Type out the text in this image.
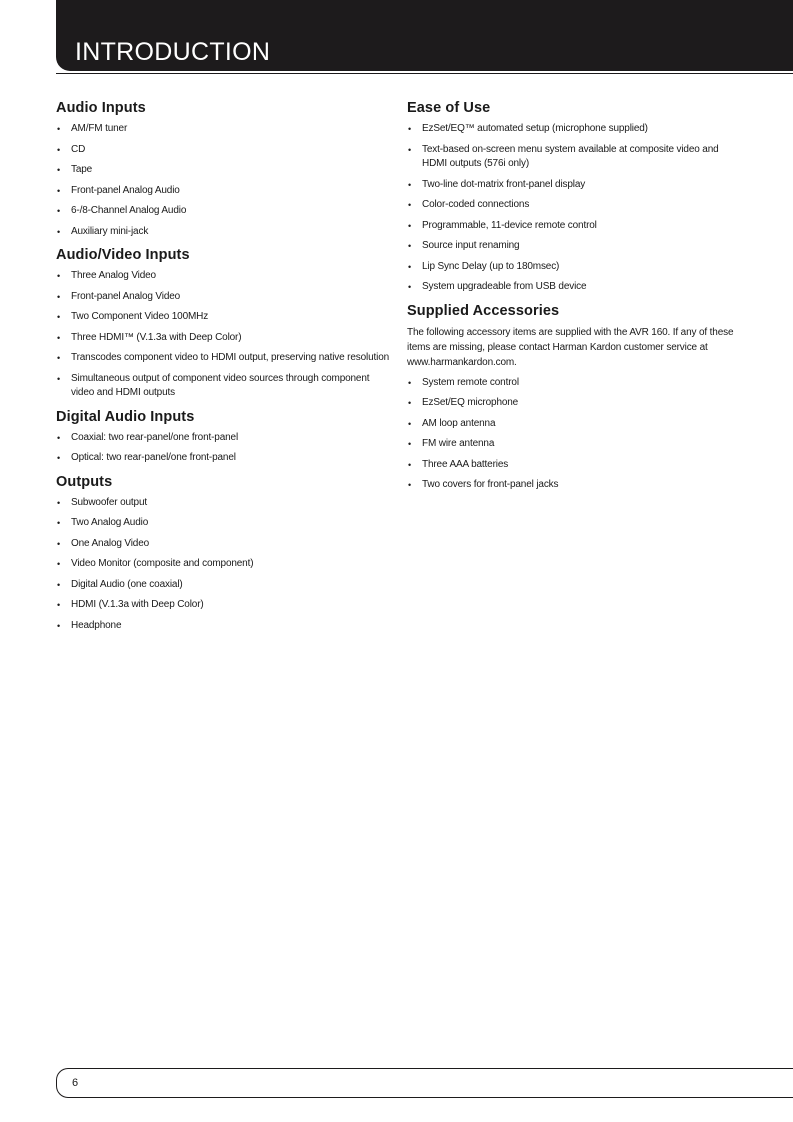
INTRODUCTION
Audio Inputs
• AM/FM tuner
• CD
• Tape
• Front-panel Analog Audio
• 6-/8-Channel Analog Audio
• Auxiliary mini-jack
Audio/Video Inputs
• Three Analog Video
• Front-panel Analog Video
• Two Component Video 100MHz
• Three HDMI™ (V.1.3a with Deep Color)
• Transcodes component video to HDMI output, preserving native resolution
• Simultaneous output of component video sources through component video and HDMI outputs
Digital Audio Inputs
• Coaxial: two rear-panel/one front-panel
• Optical: two rear-panel/one front-panel
Outputs
• Subwoofer output
• Two Analog Audio
• One Analog Video
• Video Monitor (composite and component)
• Digital Audio (one coaxial)
• HDMI (V.1.3a with Deep Color)
• Headphone
Ease of Use
• EzSet/EQ™ automated setup (microphone supplied)
• Text-based on-screen menu system available at composite video and HDMI outputs (576i only)
• Two-line dot-matrix front-panel display
• Color-coded connections
• Programmable, 11-device remote control
• Source input renaming
• Lip Sync Delay (up to 180msec)
• System upgradeable from USB device
Supplied Accessories

The following accessory items are supplied with the AVR 160. If any of these items are missing, please contact Harman Kardon customer service at www.harmankardon.com.

• System remote control
• EzSet/EQ microphone
• AM loop antenna
• FM wire antenna
• Three AAA batteries
• Two covers for front-panel jacks
6
